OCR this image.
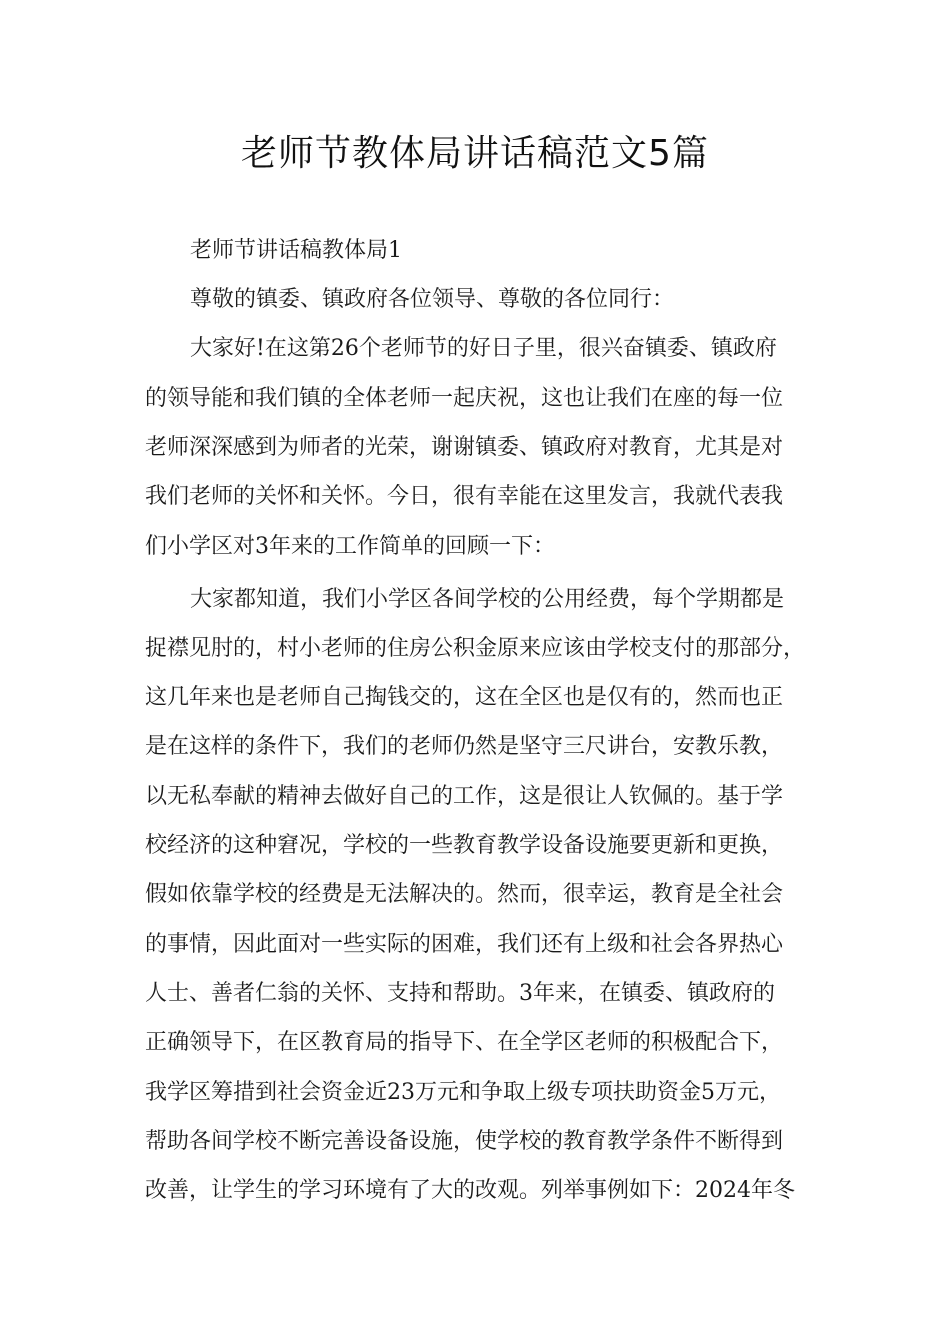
老师节教体局讲话稿范文5篇
老师节讲话稿教体局1
尊敬的镇委、镇政府各位领导、尊敬的各位同行：
大家好!在这第26个老师节的好日子里，很兴奋镇委、镇政府
的领导能和我们镇的全体老师一起庆祝，这也让我们在座的每一位
老师深深感到为师者的光荣，谢谢镇委、镇政府对教育，尤其是对
我们老师的关怀和关怀。今日，很有幸能在这里发言，我就代表我
们小学区对3年来的工作简单的回顾一下：
大家都知道，我们小学区各间学校的公用经费，每个学期都是
捉襟见肘的，村小老师的住房公积金原来应该由学校支付的那部分，
这几年来也是老师自己掏钱交的，这在全区也是仅有的，然而也正
是在这样的条件下，我们的老师仍然是坚守三尺讲台，安教乐教，
以无私奉献的精神去做好自己的工作，这是很让人钦佩的。基于学
校经济的这种窘况，学校的一些教育教学设备设施要更新和更换，
假如依靠学校的经费是无法解决的。然而，很幸运，教育是全社会
的事情，因此面对一些实际的困难，我们还有上级和社会各界热心
人士、善者仁翁的关怀、支持和帮助。3年来，在镇委、镇政府的
正确领导下，在区教育局的指导下、在全学区老师的积极配合下，
我学区筹措到社会资金近23万元和争取上级专项扶助资金5万元，
帮助各间学校不断完善设备设施，使学校的教育教学条件不断得到
改善，让学生的学习环境有了大的改观。列举事例如下：2024年冬
